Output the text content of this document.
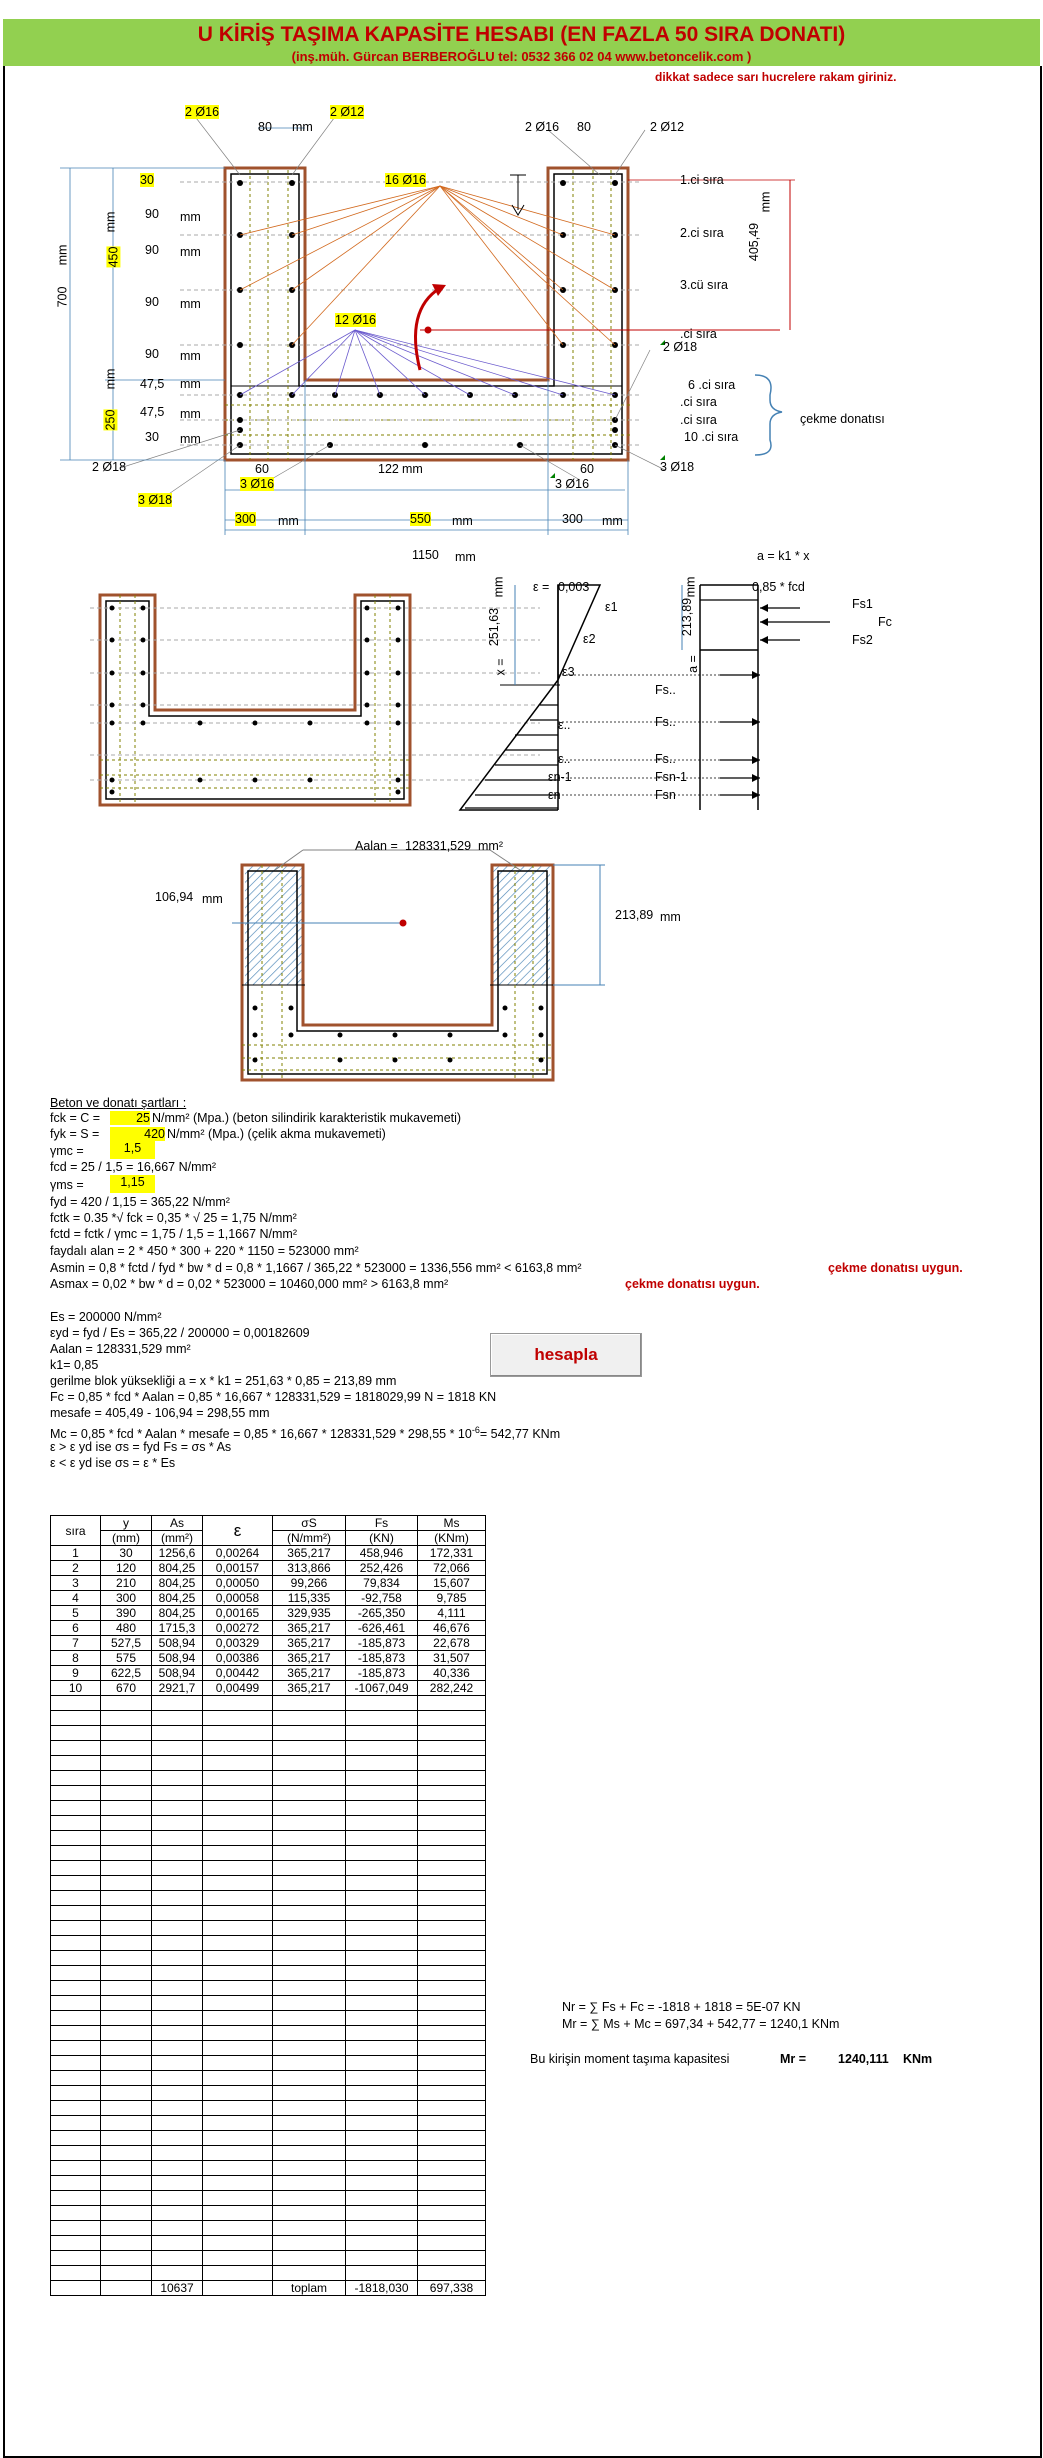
U KİRİŞ TAŞIMA KAPASİTE HESABI (EN FAZLA 50 SIRA DONATI)
(inş.müh. Gürcan BERBEROĞLU tel: 0532 366 02 04 www.betoncelik.com )
dikkat sadece sarı hucrelere rakam giriniz.
2 Ø16
80 mm
2 Ø12
2 Ø16 80	2 Ø12
16 Ø16
12 Ø16
30
90 mm
90 mm
90 mm
90 mm
450
mm
700
mm
47,5 mm
47,5 mm
30 mm
250
mm
1.ci sıra
2.ci sıra
3.cü sıra
.ci sıra
6 .ci sıra
.ci sıra
.ci sıra
10 .ci sıra
çekme donatısı
405,49
mm
2 Ø18
2 Ø18
3 Ø18
3 Ø18
3 Ø16	3 Ø16
60	122 mm	60
300 mm	550 mm	300 mm
1150 mm	a = k1 * x
0,85 * fcd
ε = 0,003
ε1
ε2
ε3
ε..
ε..
εn-1
εn
251,63
mm
x =
213,89
mm
a =
Fs1
Fc
Fs2
Fs..
Fs..
Fs..
Fsn-1
Fsn
Aalan = 128331,529 mm²
106,94 mm
213,89 mm
Beton ve donatı şartları :
fck = C =	25 N/mm² (Mpa.) (beton silindirik karakteristik mukavemeti)
fyk = S =	420 N/mm² (Mpa.) (çelik akma mukavemeti)
γmc =	1,5
fcd = 25 / 1,5 = 16,667 N/mm²
γms =	1,15
fyd = 420 / 1,15 = 365,22 N/mm²
fctk = 0.35 *√ fck = 0,35 * √ 25 = 1,75 N/mm²
fctd = fctk / γmc = 1,75 / 1,5 = 1,1667 N/mm²
faydalı alan = 2 * 450 * 300 + 220 * 1150 = 523000 mm²
Asmin = 0,8 * fctd / fyd * bw * d = 0,8 * 1,1667 / 365,22 * 523000 = 1336,556 mm² < 6163,8 mm²	çekme donatısı uygun.
Asmax = 0,02 * bw * d = 0,02 * 523000 = 10460,000 mm² > 6163,8 mm²	çekme donatısı uygun.
Es = 200000 N/mm²
εyd = fyd / Es = 365,22 / 200000 = 0,00182609
Aalan = 128331,529 mm²
k1= 0,85
gerilme blok yüksekliği a = x * k1 = 251,63 * 0,85 = 213,89 mm
Fc = 0,85 * fcd * Aalan = 0,85 * 16,667 * 128331,529 = 1818029,99 N = 1818 KN
mesafe = 405,49 - 106,94 = 298,55 mm
Mc = 0,85 * fcd * Aalan * mesafe = $0,85 * 16,667 * 128331,529 * 298,55 * 10^{-6}= 542,77$ KNm
ε > ε yd ise σs = fyd Fs = σs * As
ε < ε yd ise σs = ε * Es
hesapla
sıra	y	As	ε	σS	Fs	Ms
	(mm)	(mm²)		(N/mm²)	(KN)	(KNm)
1	30	1256,6	0,00264	365,217	458,946	172,331
2	120	804,25	0,00157	313,866	252,426	72,066
3	210	804,25	0,00050	99,266	79,834	15,607
4	300	804,25	0,00058	115,335	-92,758	9,785
5	390	804,25	0,00165	329,935	-265,350	4,111
6	480	1715,3	0,00272	365,217	-626,461	46,676
7	527,5	508,94	0,00329	365,217	-185,873	22,678
8	575	508,94	0,00386	365,217	-185,873	31,507
9	622,5	508,94	0,00442	365,217	-185,873	40,336
10	670	2921,7	0,00499	365,217	-1067,049	282,242

		10637		toplam	-1818,030	697,338
Nr = ∑ Fs + Fc = -1818 + 1818 = 5E-07 KN
Mr = ∑ Ms + Mc = 697,34 + 542,77 = 1240,1 KNm
Bu kirişin moment taşıma kapasitesi	Mr =	1240,111 KNm
